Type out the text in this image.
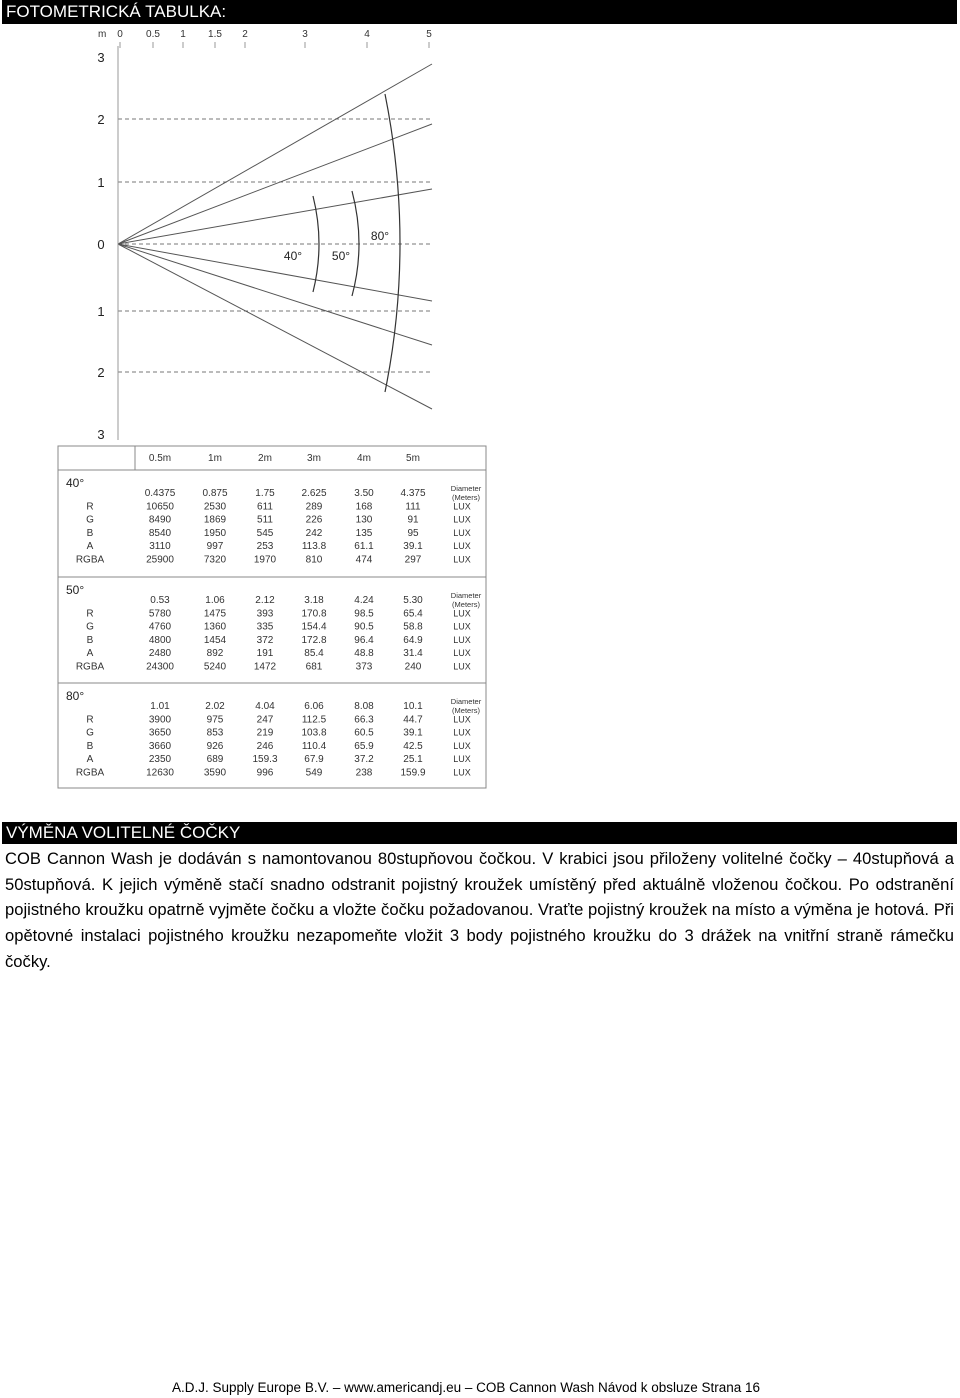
FOTOMETRICKÁ TABULKA:
m 0 0.5 1 1.5 2	3	4	5
3
2
1
0
1
2
3
40° 50°
80°
0.5m	1m	2m	3m	4m	5m
40°
0.4375	0.875	1.75	2.625	3.50	4.375	Diameter
(Meters)
R	10650	2530	611	289	168	111	LUX
G	8490	1869	511	226	130	91	LUX
B	8540	1950	545	242	135	95	LUX
A	3110	997	253	113.8	61.1	39.1	LUX
RGBA	25900	7320	1970	810	474	297	LUX
50°
0.53	1.06	2.12	3.18	4.24	5.30	Diameter
(Meters)
R	5780	1475	393	170.8	98.5	65.4	LUX
G	4760	1360	335	154.4	90.5	58.8	LUX
B	4800	1454	372	172.8	96.4	64.9	LUX
A	2480	892	191	85.4	48.8	31.4	LUX
RGBA	24300	5240	1472	681	373	240	LUX
80°
1.01	2.02	4.04	6.06	8.08	10.1	Diameter
(Meters)
R	3900	975	247	112.5	66.3	44.7	LUX
G	3650	853	219	103.8	60.5	39.1	LUX
B	3660	926	246	110.4	65.9	42.5	LUX
A	2350	689	159.3	67.9	37.2	25.1	LUX
RGBA	12630	3590	996	549	238	159.9	LUX
VÝMĚNA VOLITELNÉ ČOČKY
COB Cannon Wash je dodáván s namontovanou 80stupňovou čočkou. V krabici jsou přiloženy volitelné čočky – 40stupňová a 50stupňová. K jejich výměně stačí snadno odstranit pojistný kroužek umístěný před aktuálně vloženou čočkou. Po odstranění pojistného kroužku opatrně vyjměte čočku a vložte čočku požadovanou. Vraťte pojistný kroužek na místo a výměna je hotová. Při opětovné instalaci pojistného kroužku nezapomeňte vložit 3 body pojistného kroužku do 3 drážek na vnitřní straně rámečku čočky.
A.D.J. Supply Europe B.V. – www.americandj.eu – COB Cannon Wash Návod k obsluze Strana 16
